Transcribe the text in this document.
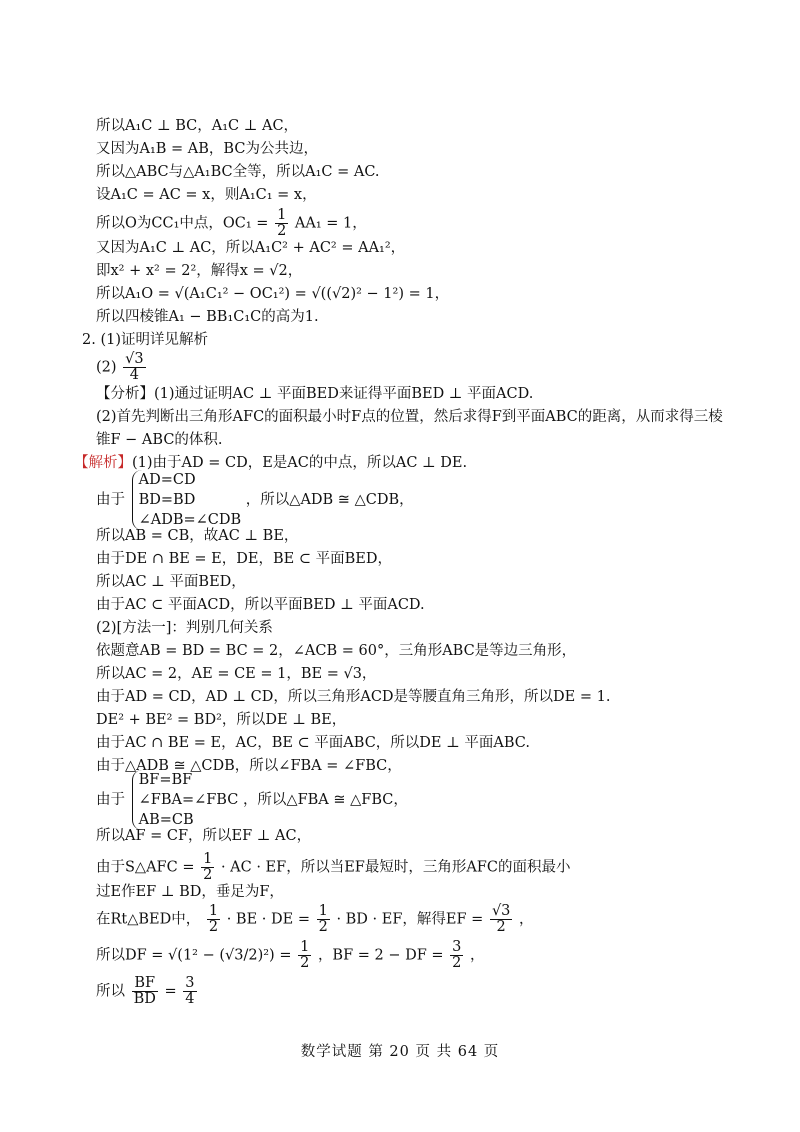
所以A₁C ⊥ BC，A₁C ⊥ AC，
又因为A₁B = AB，BC为公共边，
所以△ABC与△A₁BC全等，所以A₁C = AC.
设A₁C = AC = x，则A₁C₁ = x，
所以O为CC₁中点，$OC_1 = \frac{1}{2} AA_1 = 1$，
又因为A₁C ⊥ AC，所以A₁C² + AC² = AA₁²，
即x² + x² = 2²，解得x = √2，
所以A₁O = √(A₁C₁² − OC₁²) = √((√2)² − 1²) = 1，
所以四棱锥A₁ − BB₁C₁C的高为1.
2. (1)证明详见解析
$(2) \frac{√3}{4}$
【分析】(1)通过证明AC ⊥ 平面BED来证得平面BED ⊥ 平面ACD.
(2)首先判断出三角形AFC的面积最小时F点的位置，然后求得F到平面ABC的距离，从而求得三棱
锥F − ABC的体积.
【解析】(1)由于AD = CD，E是AC的中点，所以AC ⊥ DE.
由于
AD=CD
BD=BD
∠ADB=∠CDB
，所以△ADB ≅ △CDB，
所以AB = CB，故AC ⊥ BE，
由于DE ∩ BE = E，DE，BE ⊂ 平面BED，
所以AC ⊥ 平面BED，
由于AC ⊂ 平面ACD，所以平面BED ⊥ 平面ACD.
(2)[方法一]：判别几何关系
依题意AB = BD = BC = 2，∠ACB = 60°，三角形ABC是等边三角形，
所以AC = 2，AE = CE = 1，BE = √3，
由于AD = CD，AD ⊥ CD，所以三角形ACD是等腰直角三角形，所以DE = 1.
DE² + BE² = BD²，所以DE ⊥ BE，
由于AC ∩ BE = E，AC，BE ⊂ 平面ABC，所以DE ⊥ 平面ABC.
由于△ADB ≅ △CDB，所以∠FBA = ∠FBC，
由于
BF=BF
∠FBA=∠FBC
AB=CB
，所以△FBA ≅ △FBC，
所以AF = CF，所以EF ⊥ AC，
由于S△AFC = $\frac{1}{2}$ · AC · EF，所以当EF最短时，三角形AFC的面积最小
过E作EF ⊥ BD，垂足为F，
在Rt△BED中， $\frac{1}{2}$ · BE · DE = $\frac{1}{2}$ · BD · EF，解得EF = $\frac{√3}{2}$ ，
所以DF = $√(1^2 - (√3/2)^2) = \frac{1}{2}$ ，BF = 2 − DF = $\frac{3}{2}$ ，
所以 $\frac{BF}{BD} = \frac{3}{4}$
数学试题 第 20 页 共 64 页
